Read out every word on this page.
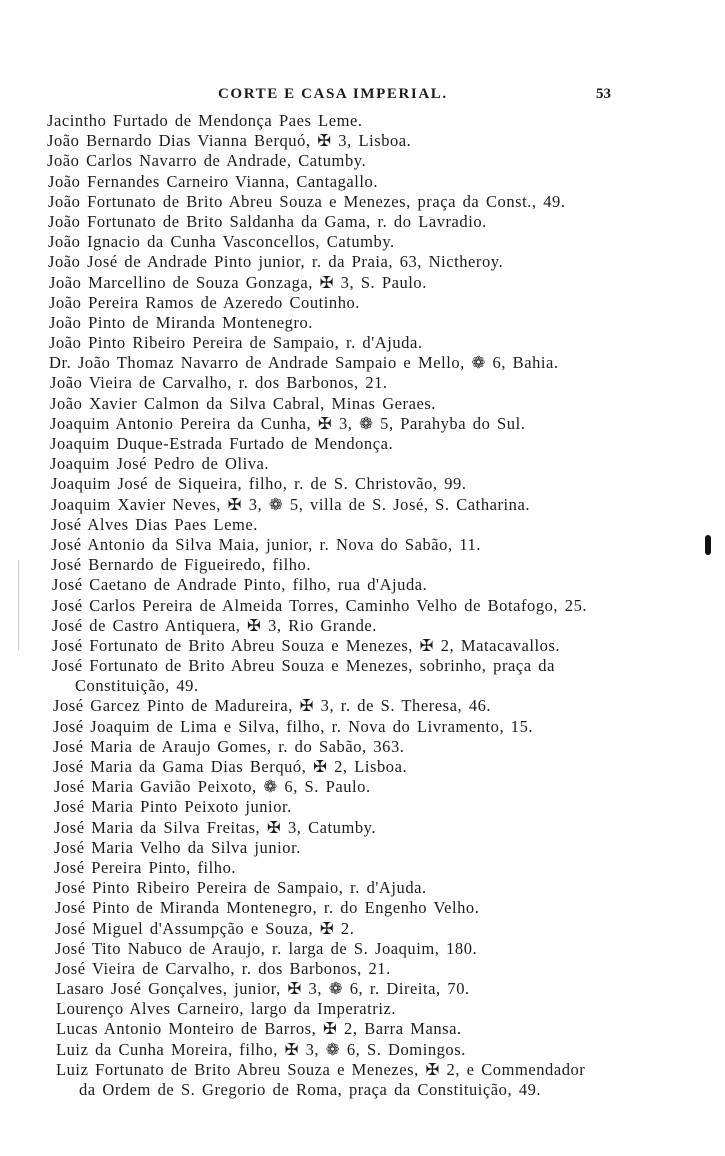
CORTE E CASA IMPERIAL.	53
Jacintho Furtado de Mendonça Paes Leme.
João Bernardo Dias Vianna Berquó, ✠ 3, Lisboa.
João Carlos Navarro de Andrade, Catumby.
João Fernandes Carneiro Vianna, Cantagallo.
João Fortunato de Brito Abreu Souza e Menezes, praça da Const., 49.
João Fortunato de Brito Saldanha da Gama, r. do Lavradio.
João Ignacio da Cunha Vasconcellos, Catumby.
João José de Andrade Pinto junior, r. da Praia, 63, Nictheroy.
João Marcellino de Souza Gonzaga, ✠ 3, S. Paulo.
João Pereira Ramos de Azeredo Coutinho.
João Pinto de Miranda Montenegro.
João Pinto Ribeiro Pereira de Sampaio, r. d'Ajuda.
Dr. João Thomaz Navarro de Andrade Sampaio e Mello, ❁ 6, Bahia.
João Vieira de Carvalho, r. dos Barbonos, 21.
João Xavier Calmon da Silva Cabral, Minas Geraes.
Joaquim Antonio Pereira da Cunha, ✠ 3, ❁ 5, Parahyba do Sul.
Joaquim Duque-Estrada Furtado de Mendonça.
Joaquim José Pedro de Oliva.
Joaquim José de Siqueira, filho, r. de S. Christovão, 99.
Joaquim Xavier Neves, ✠ 3, ❁ 5, villa de S. José, S. Catharina.
José Alves Dias Paes Leme.
José Antonio da Silva Maia, junior, r. Nova do Sabão, 11.
José Bernardo de Figueiredo, filho.
José Caetano de Andrade Pinto, filho, rua d'Ajuda.
José Carlos Pereira de Almeida Torres, Caminho Velho de Botafogo, 25.
José de Castro Antiquera, ✠ 3, Rio Grande.
José Fortunato de Brito Abreu Souza e Menezes, ✠ 2, Matacavallos.
José Fortunato de Brito Abreu Souza e Menezes, sobrinho, praça da
Constituição, 49.
José Garcez Pinto de Madureira, ✠ 3, r. de S. Theresa, 46.
José Joaquim de Lima e Silva, filho, r. Nova do Livramento, 15.
José Maria de Araujo Gomes, r. do Sabão, 363.
José Maria da Gama Dias Berquó, ✠ 2, Lisboa.
José Maria Gavião Peixoto, ❁ 6, S. Paulo.
José Maria Pinto Peixoto junior.
José Maria da Silva Freitas, ✠ 3, Catumby.
José Maria Velho da Silva junior.
José Pereira Pinto, filho.
José Pinto Ribeiro Pereira de Sampaio, r. d'Ajuda.
José Pinto de Miranda Montenegro, r. do Engenho Velho.
José Miguel d'Assumpção e Souza, ✠ 2.
José Tito Nabuco de Araujo, r. larga de S. Joaquim, 180.
José Vieira de Carvalho, r. dos Barbonos, 21.
Lasaro José Gonçalves, junior, ✠ 3, ❁ 6, r. Direita, 70.
Lourenço Alves Carneiro, largo da Imperatriz.
Lucas Antonio Monteiro de Barros, ✠ 2, Barra Mansa.
Luiz da Cunha Moreira, filho, ✠ 3, ❁ 6, S. Domingos.
Luiz Fortunato de Brito Abreu Souza e Menezes, ✠ 2, e Commendador
da Ordem de S. Gregorio de Roma, praça da Constituição, 49.
